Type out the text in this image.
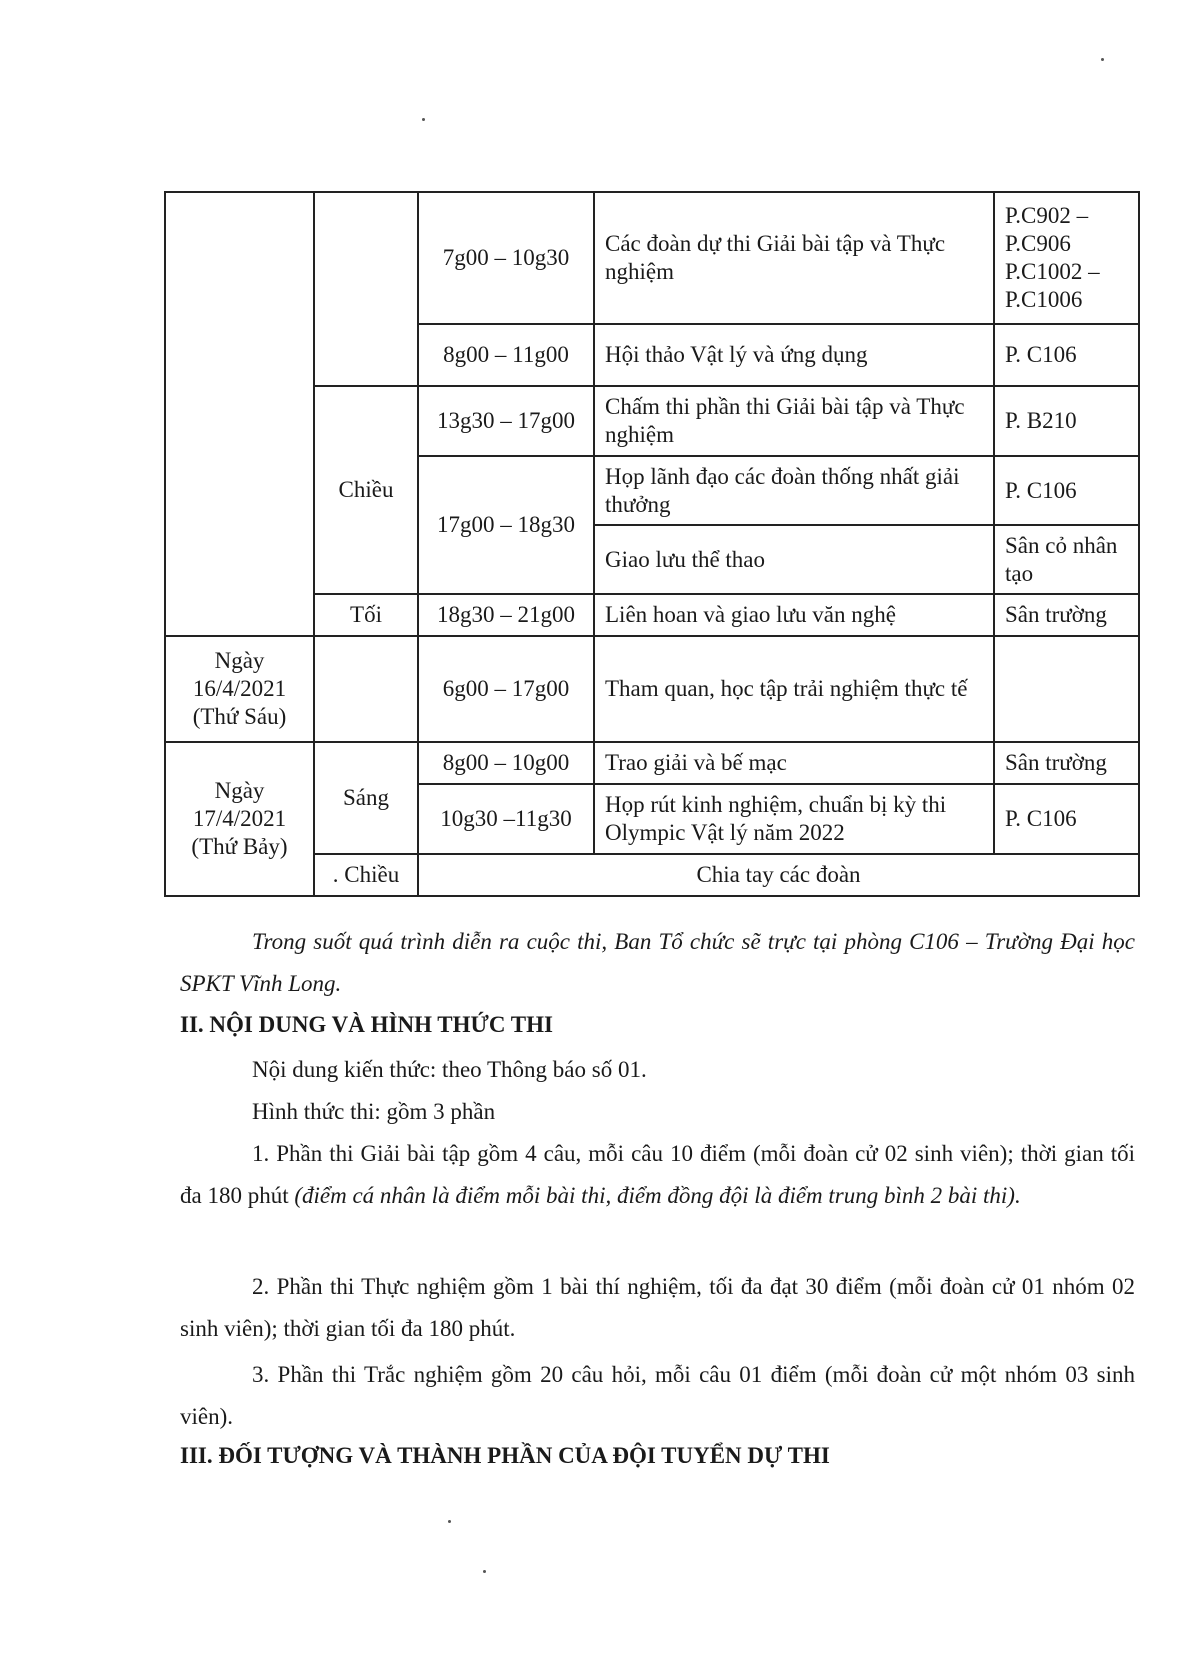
		7g00 – 10g30	Các đoàn dự thi Giải bài tập và Thực nghiệm	P.C902 –
P.C906
P.C1002 –
P.C1006

		8g00 – 11g00	Hội thảo Vật lý và ứng dụng	P. C106
	Chiều	13g30 – 17g00	Chấm thi phần thi Giải bài tập và Thực nghiệm	P. B210
		17g00 – 18g30	Họp lãnh đạo các đoàn thống nhất giải thưởng	P. C106
			Giao lưu thể thao	Sân cỏ nhân tạo
	Tối	18g30 – 21g00	Liên hoan và giao lưu văn nghệ	Sân trường
Ngày 16/4/2021 (Thứ Sáu)		6g00 – 17g00	Tham quan, học tập trải nghiệm thực tế	
Ngày 17/4/2021 (Thứ Bảy)	Sáng	8g00 – 10g00	Trao giải và bế mạc	Sân trường
		10g30 –11g30	Họp rút kinh nghiệm, chuẩn bị kỳ thi Olympic Vật lý năm 2022	P. C106
	. Chiều	Chia tay các đoàn		

Trong suốt quá trình diễn ra cuộc thi, Ban Tổ chức sẽ trực tại phòng C106 – Trường Đại học SPKT Vĩnh Long.

II. NỘI DUNG VÀ HÌNH THỨC THI

Nội dung kiến thức: theo Thông báo số 01.

Hình thức thi: gồm 3 phần

1. Phần thi Giải bài tập gồm 4 câu, mỗi câu 10 điểm (mỗi đoàn cử 02 sinh viên); thời gian tối đa 180 phút (điểm cá nhân là điểm mỗi bài thi, điểm đồng đội là điểm trung bình 2 bài thi).

2. Phần thi Thực nghiệm gồm 1 bài thí nghiệm, tối đa đạt 30 điểm (mỗi đoàn cử 01 nhóm 02 sinh viên); thời gian tối đa 180 phút.

3. Phần thi Trắc nghiệm gồm 20 câu hỏi, mỗi câu 01 điểm (mỗi đoàn cử một nhóm 03 sinh viên).

III. ĐỐI TƯỢNG VÀ THÀNH PHẦN CỦA ĐỘI TUYỂN DỰ THI
